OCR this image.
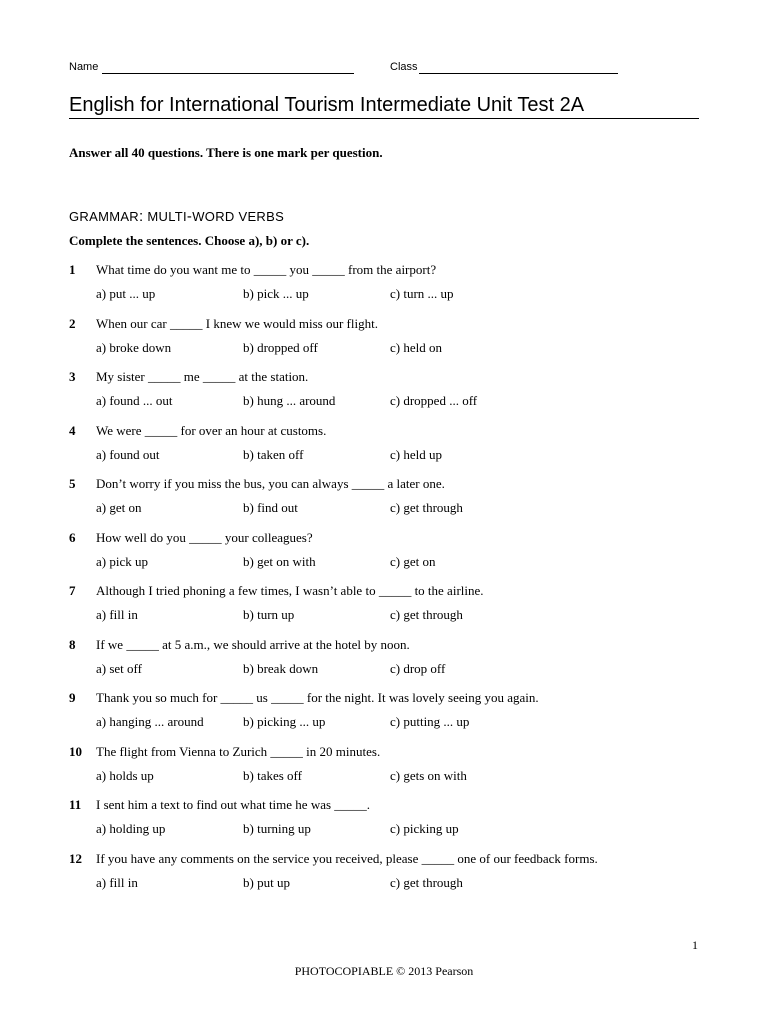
Name	Class
English for International Tourism Intermediate Unit Test 2A
Answer all 40 questions. There is one mark per question.
GRAMMAR: MULTI-WORD VERBS
Complete the sentences. Choose a), b) or c).
1 What time do you want me to _____ you _____ from the airport?
a) put ... up	b) pick ... up	c) turn ... up
2 When our car _____ I knew we would miss our flight.
a) broke down	b) dropped off	c) held on
3 My sister _____ me _____ at the station.
a) found ... out	b) hung ... around	c) dropped ... off
4 We were _____ for over an hour at customs.
a) found out	b) taken off	c) held up
5 Don’t worry if you miss the bus, you can always _____ a later one.
a) get on	b) find out	c) get through
6 How well do you _____ your colleagues?
a) pick up	b) get on with	c) get on
7 Although I tried phoning a few times, I wasn’t able to _____ to the airline.
a) fill in	b) turn up	c) get through
8 If we _____ at 5 a.m., we should arrive at the hotel by noon.
a) set off	b) break down	c) drop off
9 Thank you so much for _____ us _____ for the night. It was lovely seeing you again.
a) hanging ... around	b) picking ... up	c) putting ... up
10 The flight from Vienna to Zurich _____ in 20 minutes.
a) holds up	b) takes off	c) gets on with
11 I sent him a text to find out what time he was _____.
a) holding up	b) turning up	c) picking up
12 If you have any comments on the service you received, please _____ one of our feedback forms.
a) fill in	b) put up	c) get through
1
PHOTOCOPIABLE © 2013 Pearson
